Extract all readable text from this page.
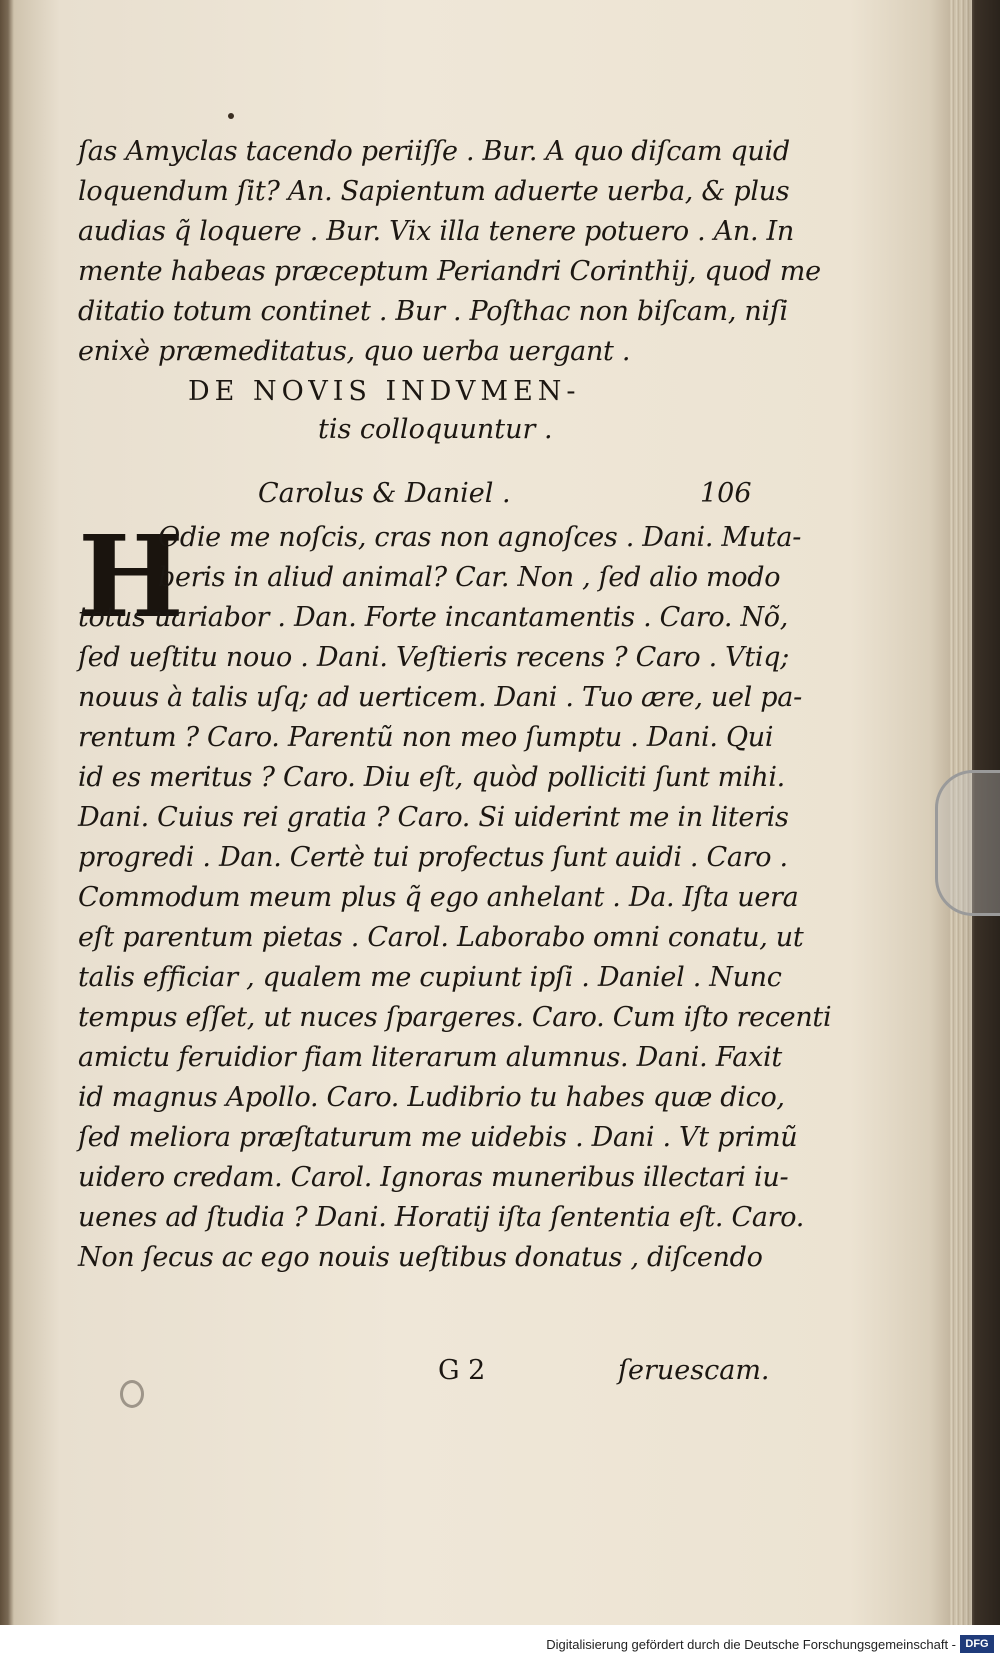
ſas Amyclas tacendo periiſſe . Bur. A quo diſcam quid
loquendum ſit? An. Sapientum aduerte uerba, & plus
audias q̃ loquere . Bur. Vix illa tenere potuero . An. In
mente habeas præceptum Periandri Corinthij, quod me
ditatio totum continet . Bur . Poſthac non biſcam, niſi
enixè præmeditatus, quo uerba uergant .
DE NOVIS INDVMEN-
tis colloquuntur .
Carolus & Daniel .	106
H
Odie me noſcis, cras non agnoſces . Dani. Muta-
beris in aliud animal? Car. Non , ſed alio modo
totus uariabor . Dan. Forte incantamentis . Caro. Nõ,
ſed ueſtitu nouo . Dani. Veſtieris recens ? Caro . Vtiq;
nouus à talis uſq; ad uerticem. Dani . Tuo ære, uel pa-
rentum ? Caro. Parentũ non meo ſumptu . Dani. Qui
id es meritus ? Caro. Diu eſt, quòd polliciti ſunt mihi.
Dani. Cuius rei gratia ? Caro. Si uiderint me in literis
progredi . Dan. Certè tui profectus ſunt auidi . Caro .
Commodum meum plus q̃ ego anhelant . Da. Iſta uera
eſt parentum pietas . Carol. Laborabo omni conatu, ut
talis efficiar , qualem me cupiunt ipſi . Daniel . Nunc
tempus eſſet, ut nuces ſpargeres. Caro. Cum iſto recenti
amictu feruidior fiam literarum alumnus. Dani. Faxit
id magnus Apollo. Caro. Ludibrio tu habes quæ dico,
ſed meliora præſtaturum me uidebis . Dani . Vt primũ
uidero credam. Carol. Ignoras muneribus illectari iu-
uenes ad ſtudia ? Dani. Horatij iſta ſententia eſt. Caro.
Non ſecus ac ego nouis ueſtibus donatus , diſcendo
G 2	ſeruescam.
Digitalisierung gefördert durch die Deutsche Forschungsgemeinschaft - DFG
